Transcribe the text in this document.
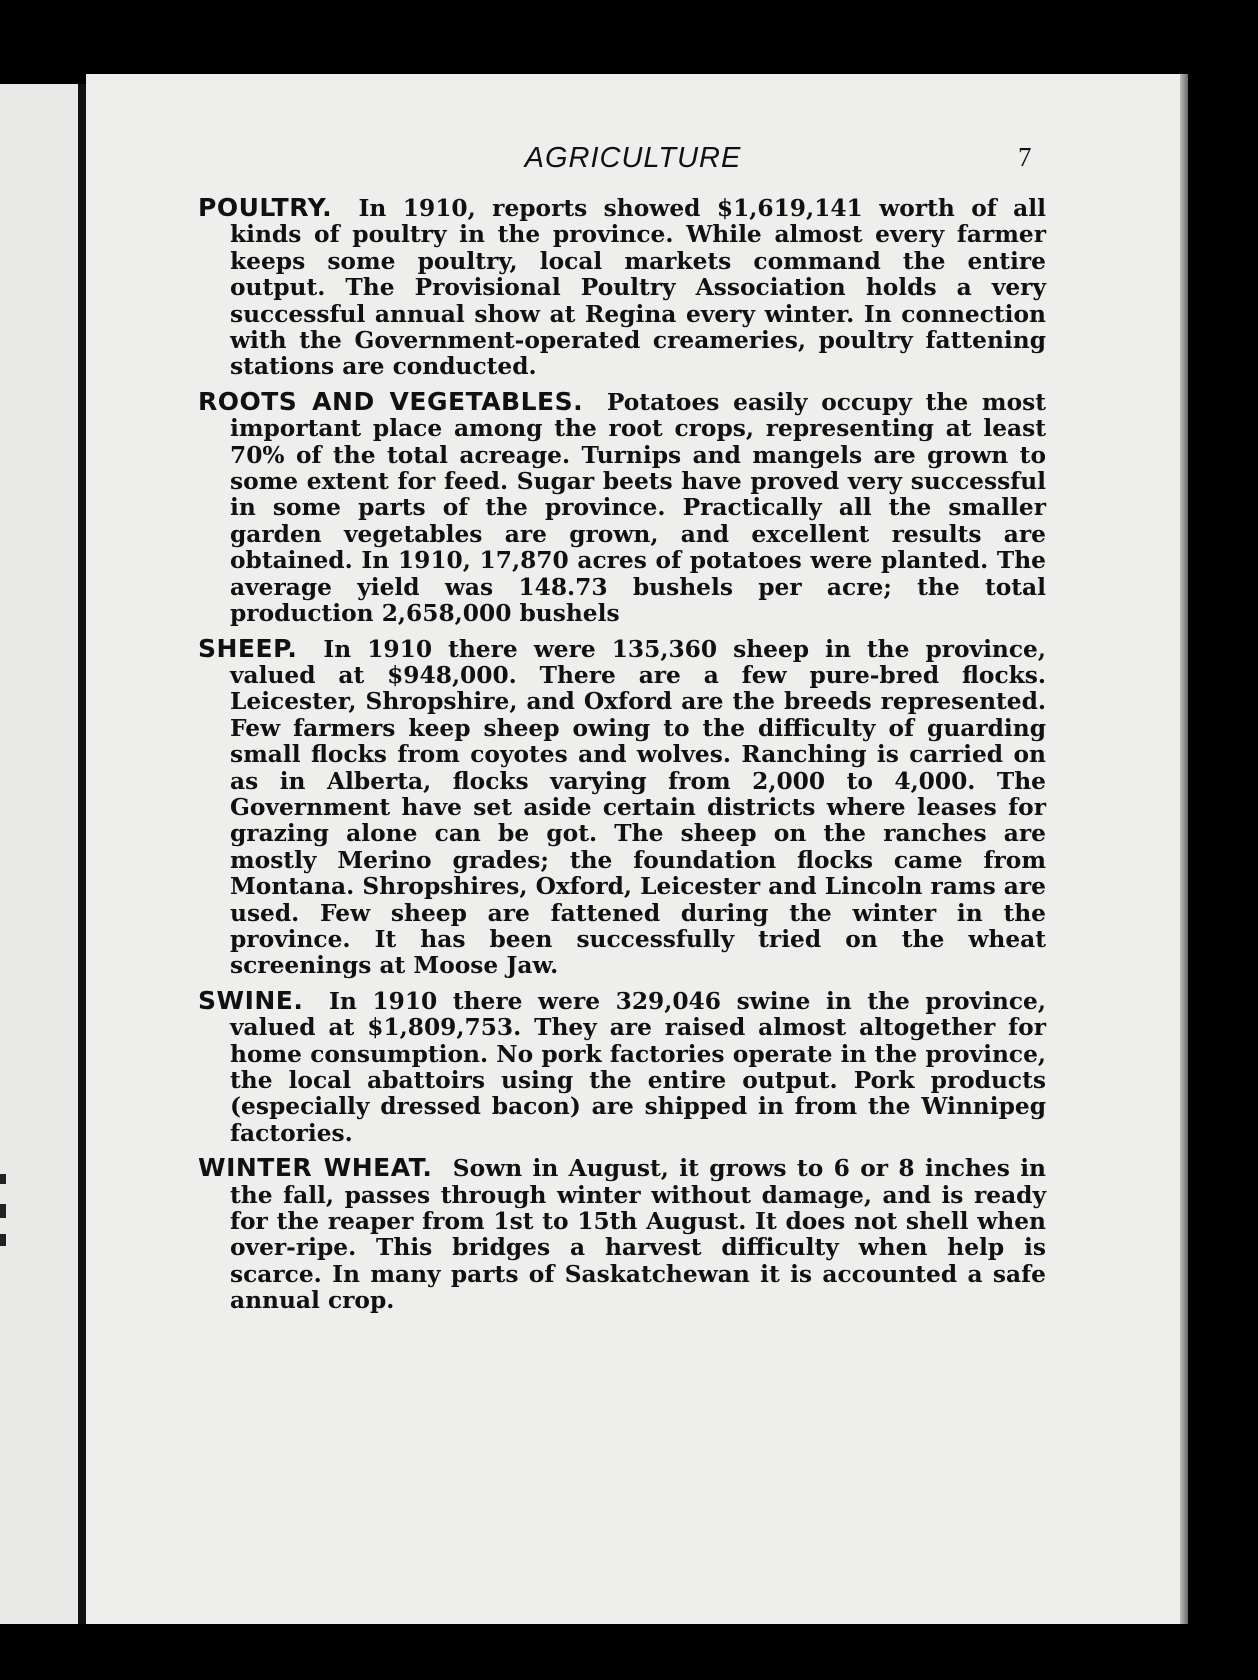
AGRICULTURE	7

POULTRY. In 1910, reports showed $1,619,141 worth of all kinds of poultry in the province. While almost every farmer keeps some poultry, local markets command the entire output. The Provisional Poultry Association holds a very successful annual show at Regina every winter. In connection with the Government-operated creameries, poultry fattening stations are conducted.

ROOTS AND VEGETABLES. Potatoes easily occupy the most important place among the root crops, representing at least 70% of the total acreage. Turnips and mangels are grown to some extent for feed. Sugar beets have proved very successful in some parts of the province. Practically all the smaller garden vegetables are grown, and excellent results are obtained. In 1910, 17,870 acres of potatoes were planted. The average yield was 148.73 bushels per acre; the total production 2,658,000 bushels

SHEEP. In 1910 there were 135,360 sheep in the province, valued at $948,000. There are a few pure-bred flocks. Leicester, Shropshire, and Oxford are the breeds represented. Few farmers keep sheep owing to the difficulty of guarding small flocks from coyotes and wolves. Ranching is carried on as in Alberta, flocks varying from 2,000 to 4,000. The Government have set aside certain districts where leases for grazing alone can be got. The sheep on the ranches are mostly Merino grades; the foundation flocks came from Montana. Shropshires, Oxford, Leicester and Lincoln rams are used. Few sheep are fattened during the winter in the province. It has been successfully tried on the wheat screenings at Moose Jaw.

SWINE. In 1910 there were 329,046 swine in the province, valued at $1,809,753. They are raised almost altogether for home consumption. No pork factories operate in the province, the local abattoirs using the entire output. Pork products (especially dressed bacon) are shipped in from the Winnipeg factories.

WINTER WHEAT. Sown in August, it grows to 6 or 8 inches in the fall, passes through winter without damage, and is ready for the reaper from 1st to 15th August. It does not shell when over-ripe. This bridges a harvest difficulty when help is scarce. In many parts of Saskatchewan it is accounted a safe annual crop.
